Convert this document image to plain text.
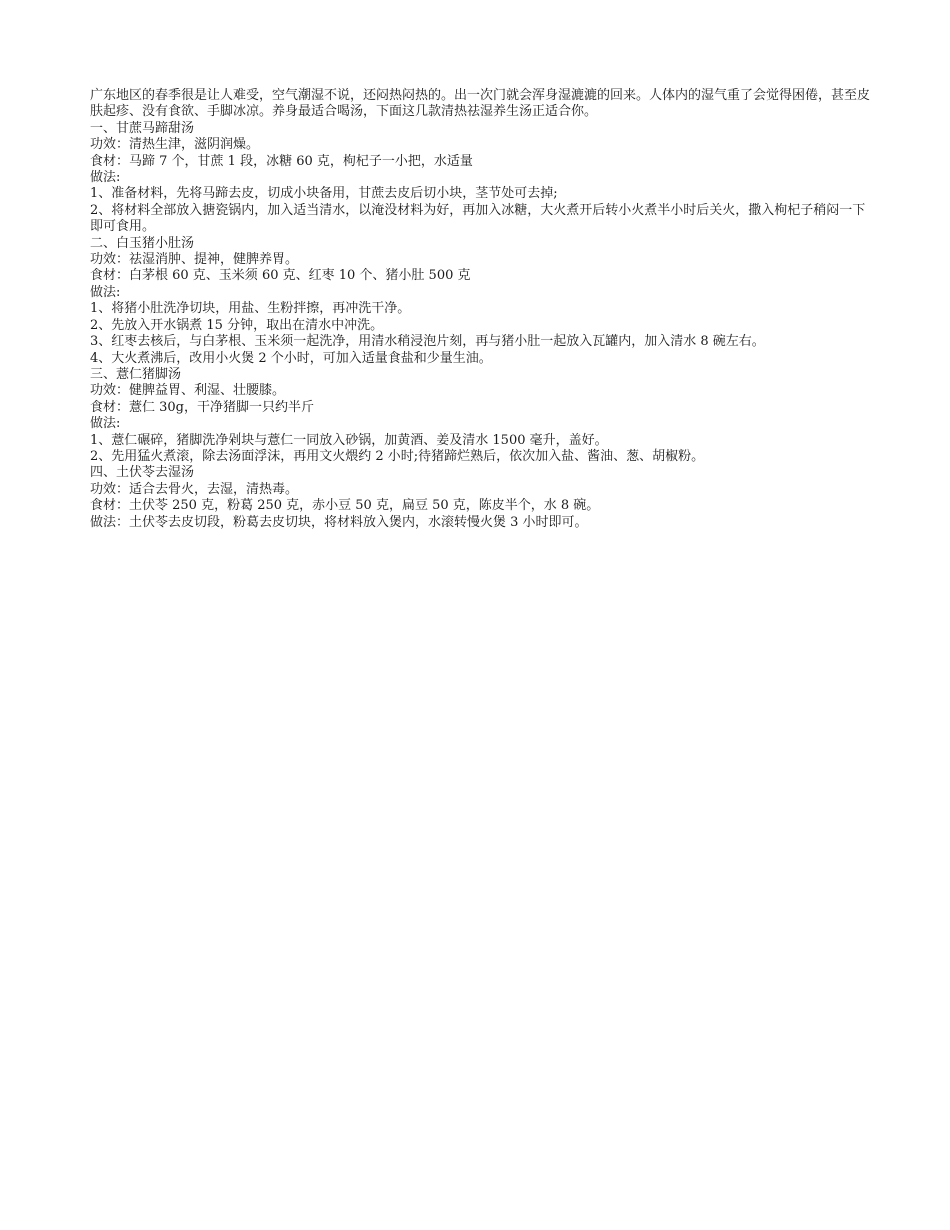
广东地区的春季很是让人难受，空气潮湿不说，还闷热闷热的。出一次门就会浑身湿漉漉的回来。人体内的湿气重了会觉得困倦，甚至皮肤起疹、没有食欲、手脚冰凉。养身最适合喝汤，下面这几款清热祛湿养生汤正适合你。

一、甘蔗马蹄甜汤

功效：清热生津，滋阴润燥。

食材：马蹄 7 个，甘蔗 1 段，冰糖 60 克，枸杞子一小把，水适量

做法:

1、准备材料，先将马蹄去皮，切成小块备用，甘蔗去皮后切小块，茎节处可去掉;

2、将材料全部放入搪瓷锅内，加入适当清水，以淹没材料为好，再加入冰糖，大火煮开后转小火煮半小时后关火，撒入枸杞子稍闷一下即可食用。

二、白玉猪小肚汤

功效：祛湿消肿、提神，健脾养胃。

食材：白茅根 60 克、玉米须 60 克、红枣 10 个、猪小肚 500 克

做法:

1、将猪小肚洗净切块，用盐、生粉拌擦，再冲洗干净。

2、先放入开水锅煮 15 分钟，取出在清水中冲洗。

3、红枣去核后，与白茅根、玉米须一起洗净，用清水稍浸泡片刻，再与猪小肚一起放入瓦罐内，加入清水 8 碗左右。

4、大火煮沸后，改用小火煲 2 个小时，可加入适量食盐和少量生油。

三、薏仁猪脚汤

功效：健脾益胃、利湿、壮腰膝。

食材：薏仁 30g，干净猪脚一只约半斤

做法:

1、薏仁碾碎，猪脚洗净剁块与薏仁一同放入砂锅，加黄酒、姜及清水 1500 毫升，盖好。

2、先用猛火煮滚，除去汤面浮沫，再用文火煨约 2 小时;待猪蹄烂熟后，依次加入盐、酱油、葱、胡椒粉。

四、土伏苓去湿汤

功效：适合去骨火，去湿，清热毒。

食材：土伏苓 250 克，粉葛 250 克，赤小豆 50 克，扁豆 50 克，陈皮半个，水 8 碗。

做法：土伏苓去皮切段，粉葛去皮切块，将材料放入煲内，水滚转慢火煲 3 小时即可。
